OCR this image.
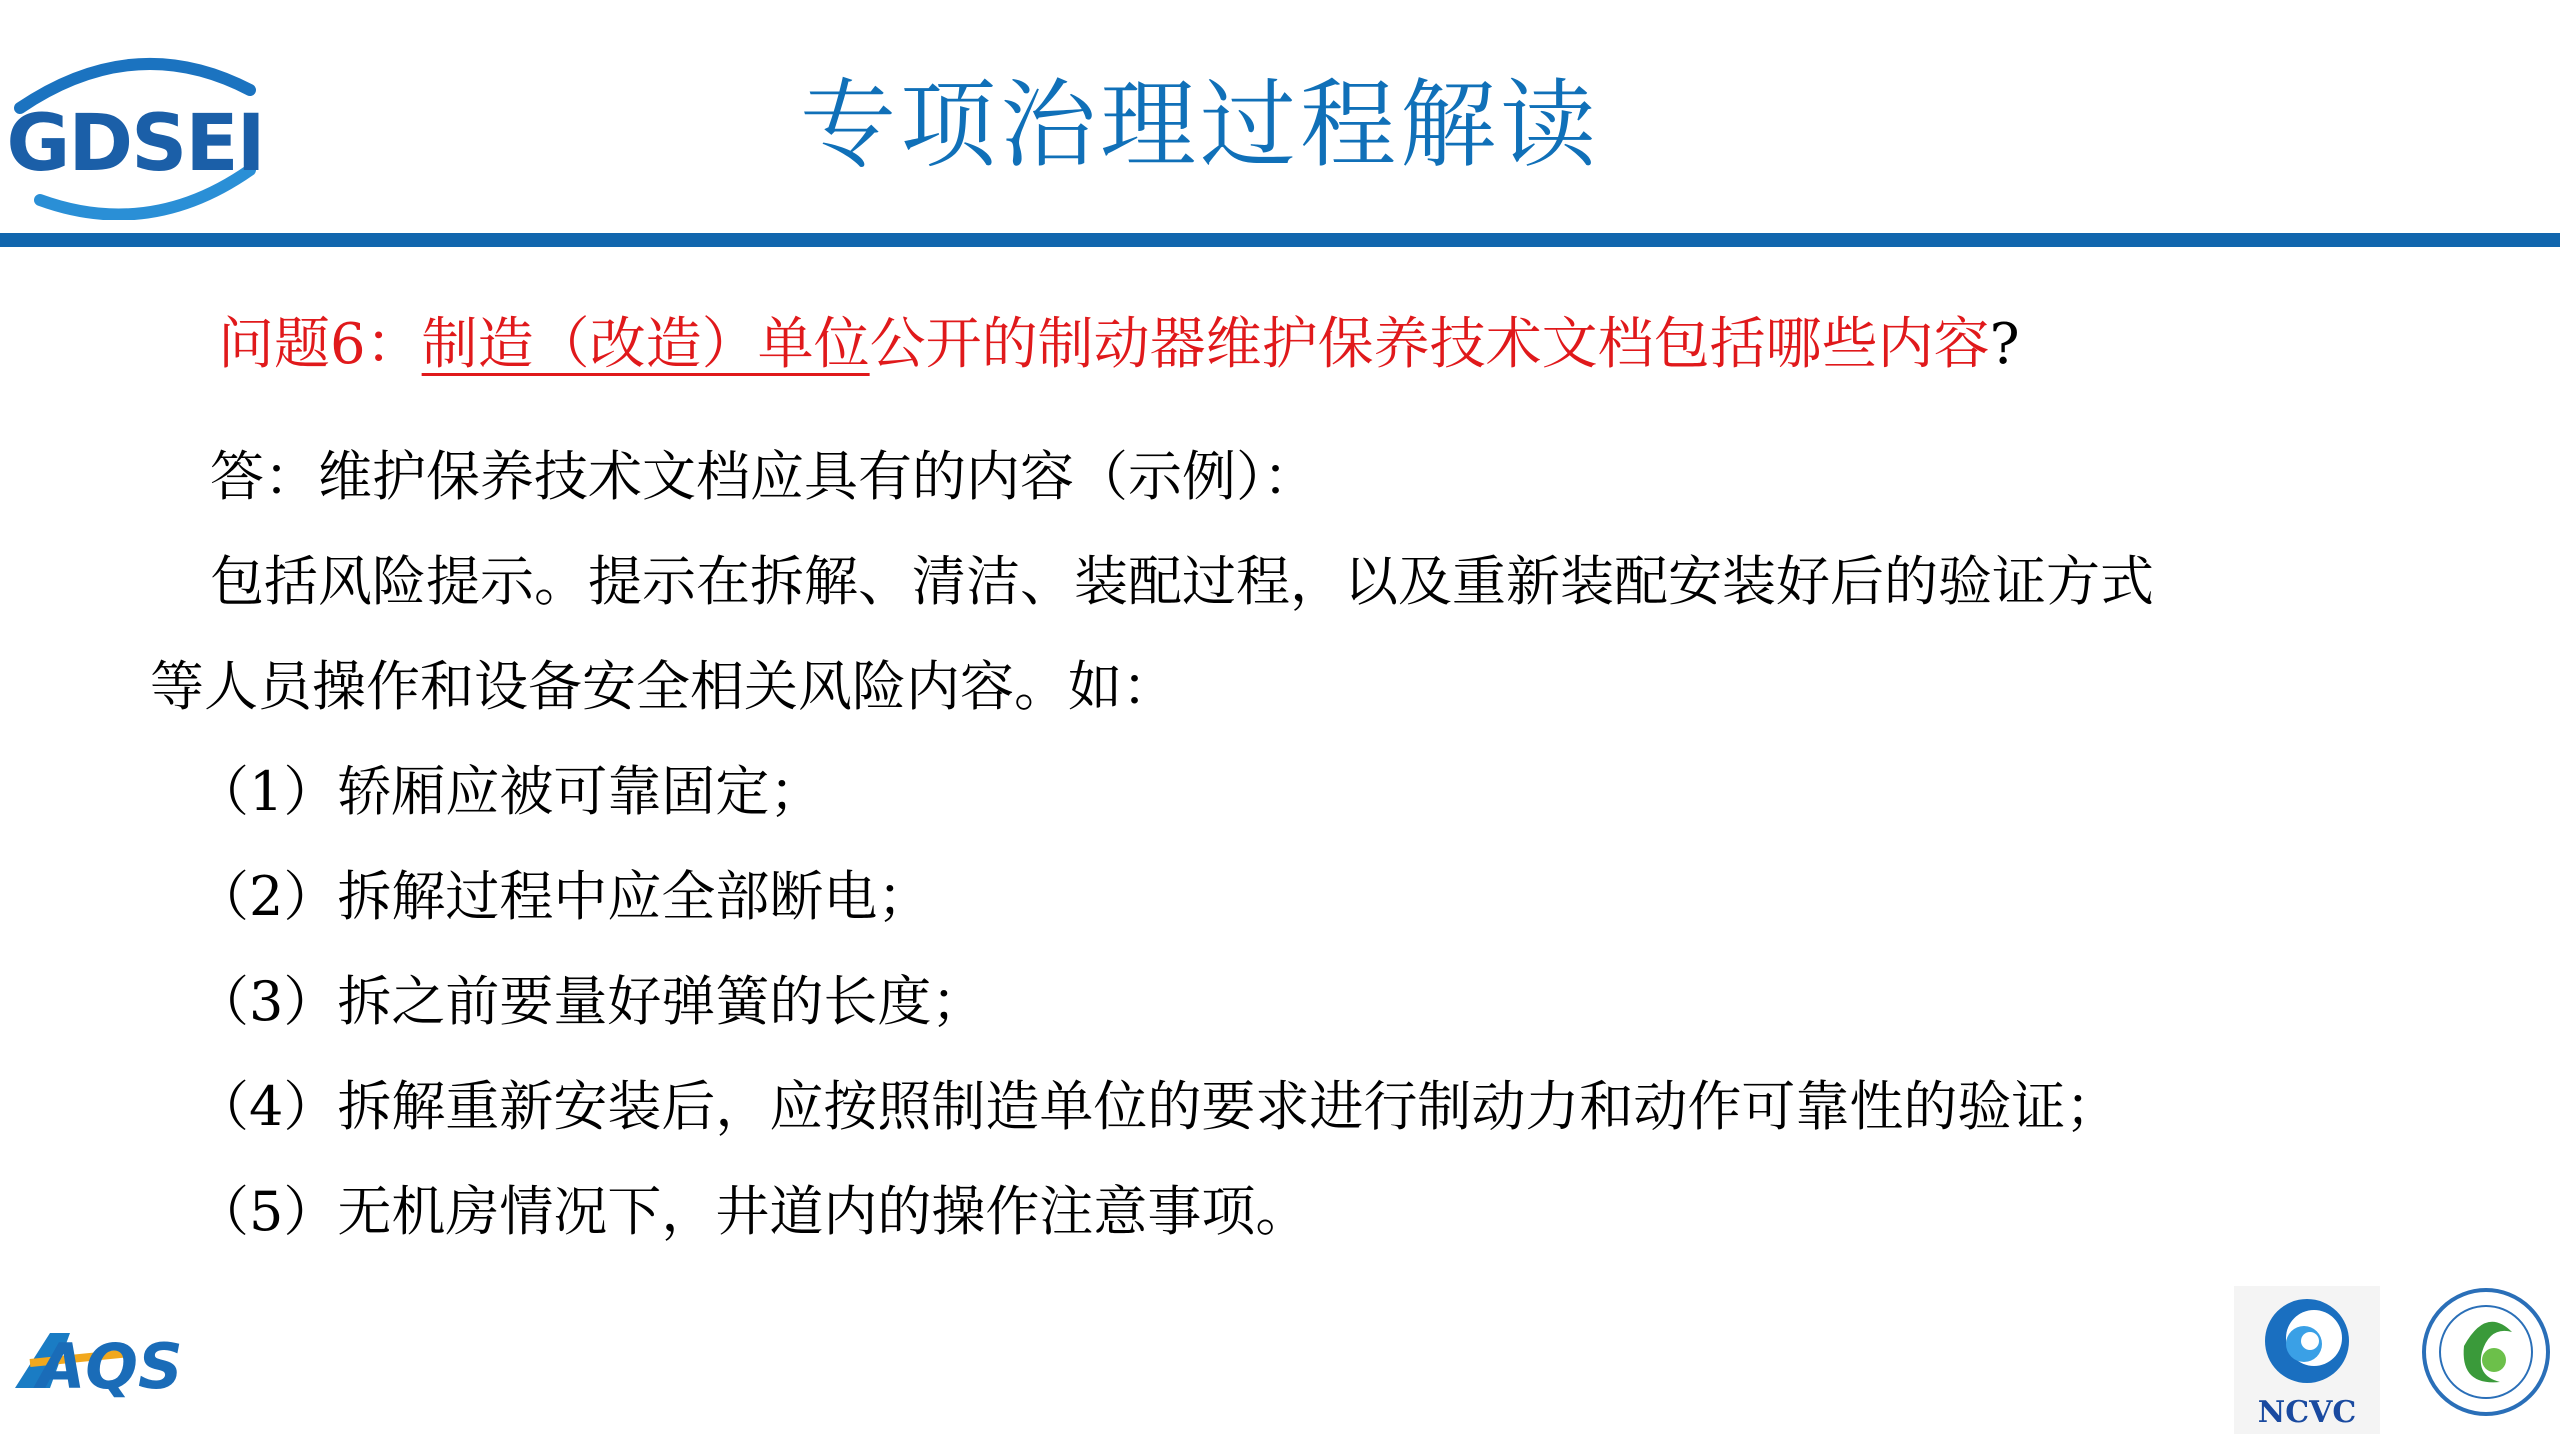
GDSEI	专项治理过程解读
问题6：制造（改造）单位公开的制动器维护保养技术文档包括哪些内容?
答：维护保养技术文档应具有的内容（示例）：
包括风险提示。提示在拆解、清洁、装配过程，以及重新装配安装好后的验证方式
等人员操作和设备安全相关风险内容。如：
（1）轿厢应被可靠固定；
（2）拆解过程中应全部断电；
（3）拆之前要量好弹簧的长度；
（4）拆解重新安装后，应按照制造单位的要求进行制动力和动作可靠性的验证；
（5）无机房情况下，井道内的操作注意事项。
AQS
NCVC
